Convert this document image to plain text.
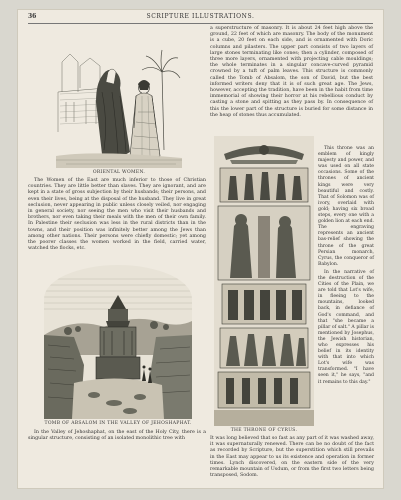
36	SCRIPTURE ILLUSTRATIONS.
ORIENTAL WOMEN.

The Women of the East are much inferior to those of Christian countries. They are little better than slaves. They are ignorant, and are kept in a state of gross subjection by their husbands; their persons, and even their lives, being at the disposal of the husband. They live in great seclusion, never appearing in public unless closely veiled, nor engaging in general society, nor seeing the men who visit their husbands and brothers, nor even taking their meals with the men of their own family. In Palestine their seclusion was less in the rural districts than in the towns, and their position was infinitely better among the Jews than among other nations. Their persons were chiefly domestic; yet among the poorer classes the women worked in the field, carried water, watched the flocks, etc.

TOMB OF ABSALOM IN THE VALLEY OF JEHOSHAPHAT.

In the Valley of Jehoshaphat, on the east of the Holy City, there is a singular structure, consisting of an isolated monolithic tree with

a superstructure of masonry. It is about 24 feet high above the ground, 22 feet of which are masonry. The body of the monument is a cube, 20 feet on each side, and is ornamented with Doric columns and pilasters. The upper part consists of two layers of large stones terminating like cones; then a cylinder, composed of three more layers, ornamented with projecting cable mouldings; the whole terminates in a singular concave-curved pyramid crowned by a tuft of palm leaves. This structure is commonly called the Tomb of Absalom, the son of David, but the best informed writers deny that it is of such great age. The Jews, however, accepting the tradition, have been in the habit from time immemorial of showing their horror at his rebellious conduct by casting a stone and spitting as they pass by. In consequence of this the lower part of the structure is buried for some distance in the heap of stones thus accumulated.

THE THRONE OF CYRUS.

This throne was an emblem of kingly majesty and power, and was used on all state occasions. Some of the thrones of ancient kings were very beautiful and costly. That of Solomon was of ivory, overlaid with gold; having six broad steps, every one with a golden lion at each end. The engraving represents an ancient bas-relief showing the throne of the great Persian monarch, Cyrus, the conqueror of Babylon.

In the narrative of the destruction of the Cities of the Plain, we are told that Lot's wife, in fleeing to the mountains, looked back, in defiance of God's command, and that "she became a pillar of salt." A pillar is mentioned by Josephus, the Jewish historian, who expresses his belief in its identity with that into which Lot's wife was transformed. "I have seen it," he says, "and it remains to this day."

It was long believed that so fast as any part of it was washed away, it was supernaturally renewed. There can be no doubt of the fact as recorded by Scripture, but the superstition which still prevails in the East may appear to us its existence and operation in former times. Lynch discovered, on the eastern side of the very remarkable mountain of Usdum, or from the first two letters being transposed, Sodom.
